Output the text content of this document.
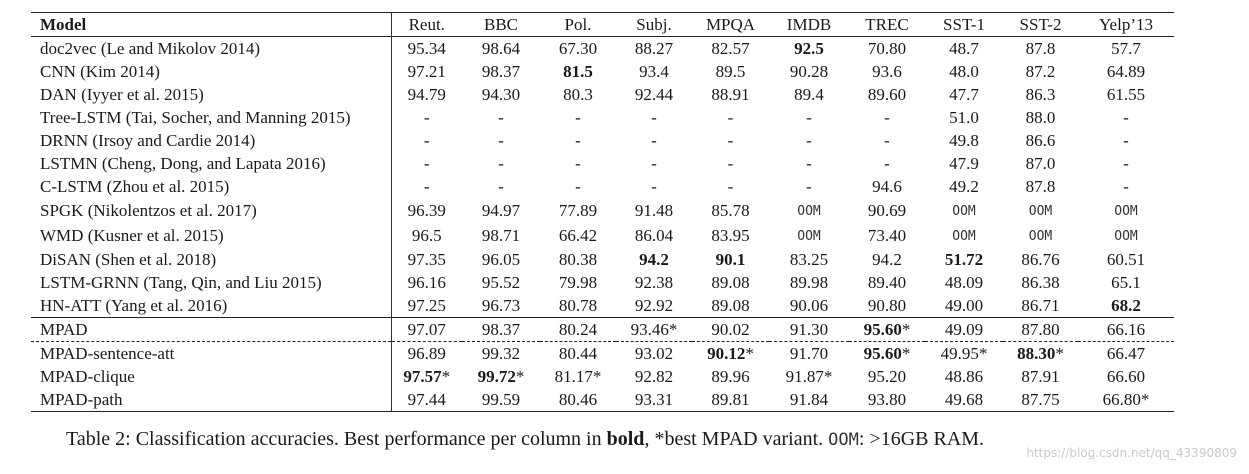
Model	Reut.	BBC	Pol.	Subj.	MPQA	IMDB	TREC	SST-1	SST-2	Yelp’13
doc2vec (Le and Mikolov 2014)	95.34	98.64	67.30	88.27	82.57	92.5	70.80	48.7	87.8	57.7
CNN (Kim 2014)	97.21	98.37	81.5	93.4	89.5	90.28	93.6	48.0	87.2	64.89
DAN (Iyyer et al. 2015)	94.79	94.30	80.3	92.44	88.91	89.4	89.60	47.7	86.3	61.55
Tree-LSTM (Tai, Socher, and Manning 2015)	-	-	-	-	-	-	-	51.0	88.0	-
DRNN (Irsoy and Cardie 2014)	-	-	-	-	-	-	-	49.8	86.6	-
LSTMN (Cheng, Dong, and Lapata 2016)	-	-	-	-	-	-	-	47.9	87.0	-
C-LSTM (Zhou et al. 2015)	-	-	-	-	-	-	94.6	49.2	87.8	-
SPGK (Nikolentzos et al. 2017)	96.39	94.97	77.89	91.48	85.78	OOM	90.69	OOM	OOM	OOM
WMD (Kusner et al. 2015)	96.5	98.71	66.42	86.04	83.95	OOM	73.40	OOM	OOM	OOM
DiSAN (Shen et al. 2018)	97.35	96.05	80.38	94.2	90.1	83.25	94.2	51.72	86.76	60.51
LSTM-GRNN (Tang, Qin, and Liu 2015)	96.16	95.52	79.98	92.38	89.08	89.98	89.40	48.09	86.38	65.1
HN-ATT (Yang et al. 2016)	97.25	96.73	80.78	92.92	89.08	90.06	90.80	49.00	86.71	68.2
MPAD	97.07	98.37	80.24	93.46*	90.02	91.30	95.60*	49.09	87.80	66.16
MPAD-sentence-att	96.89	99.32	80.44	93.02	90.12*	91.70	95.60*	49.95*	88.30*	66.47
MPAD-clique	97.57*	99.72*	81.17*	92.82	89.96	91.87*	95.20	48.86	87.91	66.60
MPAD-path	97.44	99.59	80.46	93.31	89.81	91.84	93.80	49.68	87.75	66.80*
Table 2: Classification accuracies. Best performance per column in bold, *best MPAD variant. OOM: >16GB RAM.
https://blog.csdn.net/qq_43390809
